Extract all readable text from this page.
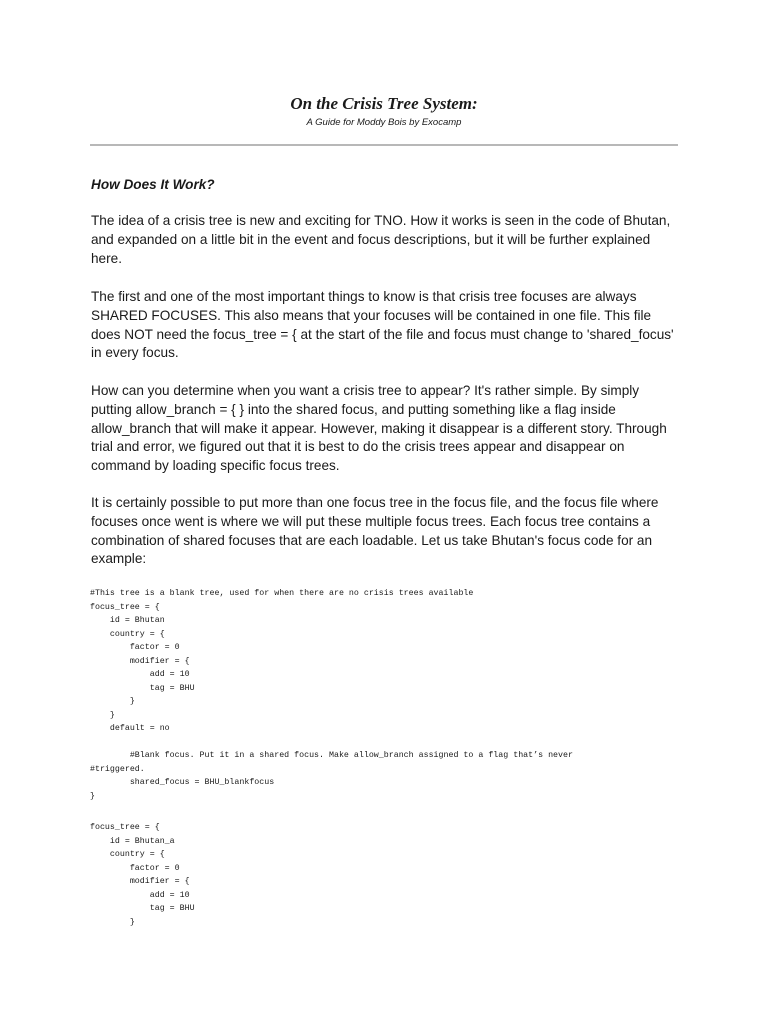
On the Crisis Tree System:
A Guide for Moddy Bois by Exocamp
How Does It Work?

The idea of a crisis tree is new and exciting for TNO. How it works is seen in the code of Bhutan, and expanded on a little bit in the event and focus descriptions, but it will be further explained here.

The first and one of the most important things to know is that crisis tree focuses are always SHARED FOCUSES. This also means that your focuses will be contained in one file. This file does NOT need the focus_tree = { at the start of the file and focus must change to 'shared_focus' in every focus.

How can you determine when you want a crisis tree to appear? It's rather simple. By simply putting allow_branch = { } into the shared focus, and putting something like a flag inside allow_branch that will make it appear. However, making it disappear is a different story. Through trial and error, we figured out that it is best to do the crisis trees appear and disappear on command by loading specific focus trees.

It is certainly possible to put more than one focus tree in the focus file, and the focus file where focuses once went is where we will put these multiple focus trees. Each focus tree contains a combination of shared focuses that are each loadable. Let us take Bhutan's focus code for an example:

#This tree is a blank tree, used for when there are no crisis trees available
focus_tree = {
id = Bhutan
country = {
factor = 0
modifier = {
add = 10
tag = BHU
}
}
default = no

#Blank focus. Put it in a shared focus. Make allow_branch assigned to a flag that’s never
#triggered.
shared_focus = BHU_blankfocus
}
focus_tree = {
id = Bhutan_a
country = {
factor = 0
modifier = {
add = 10
tag = BHU
}
